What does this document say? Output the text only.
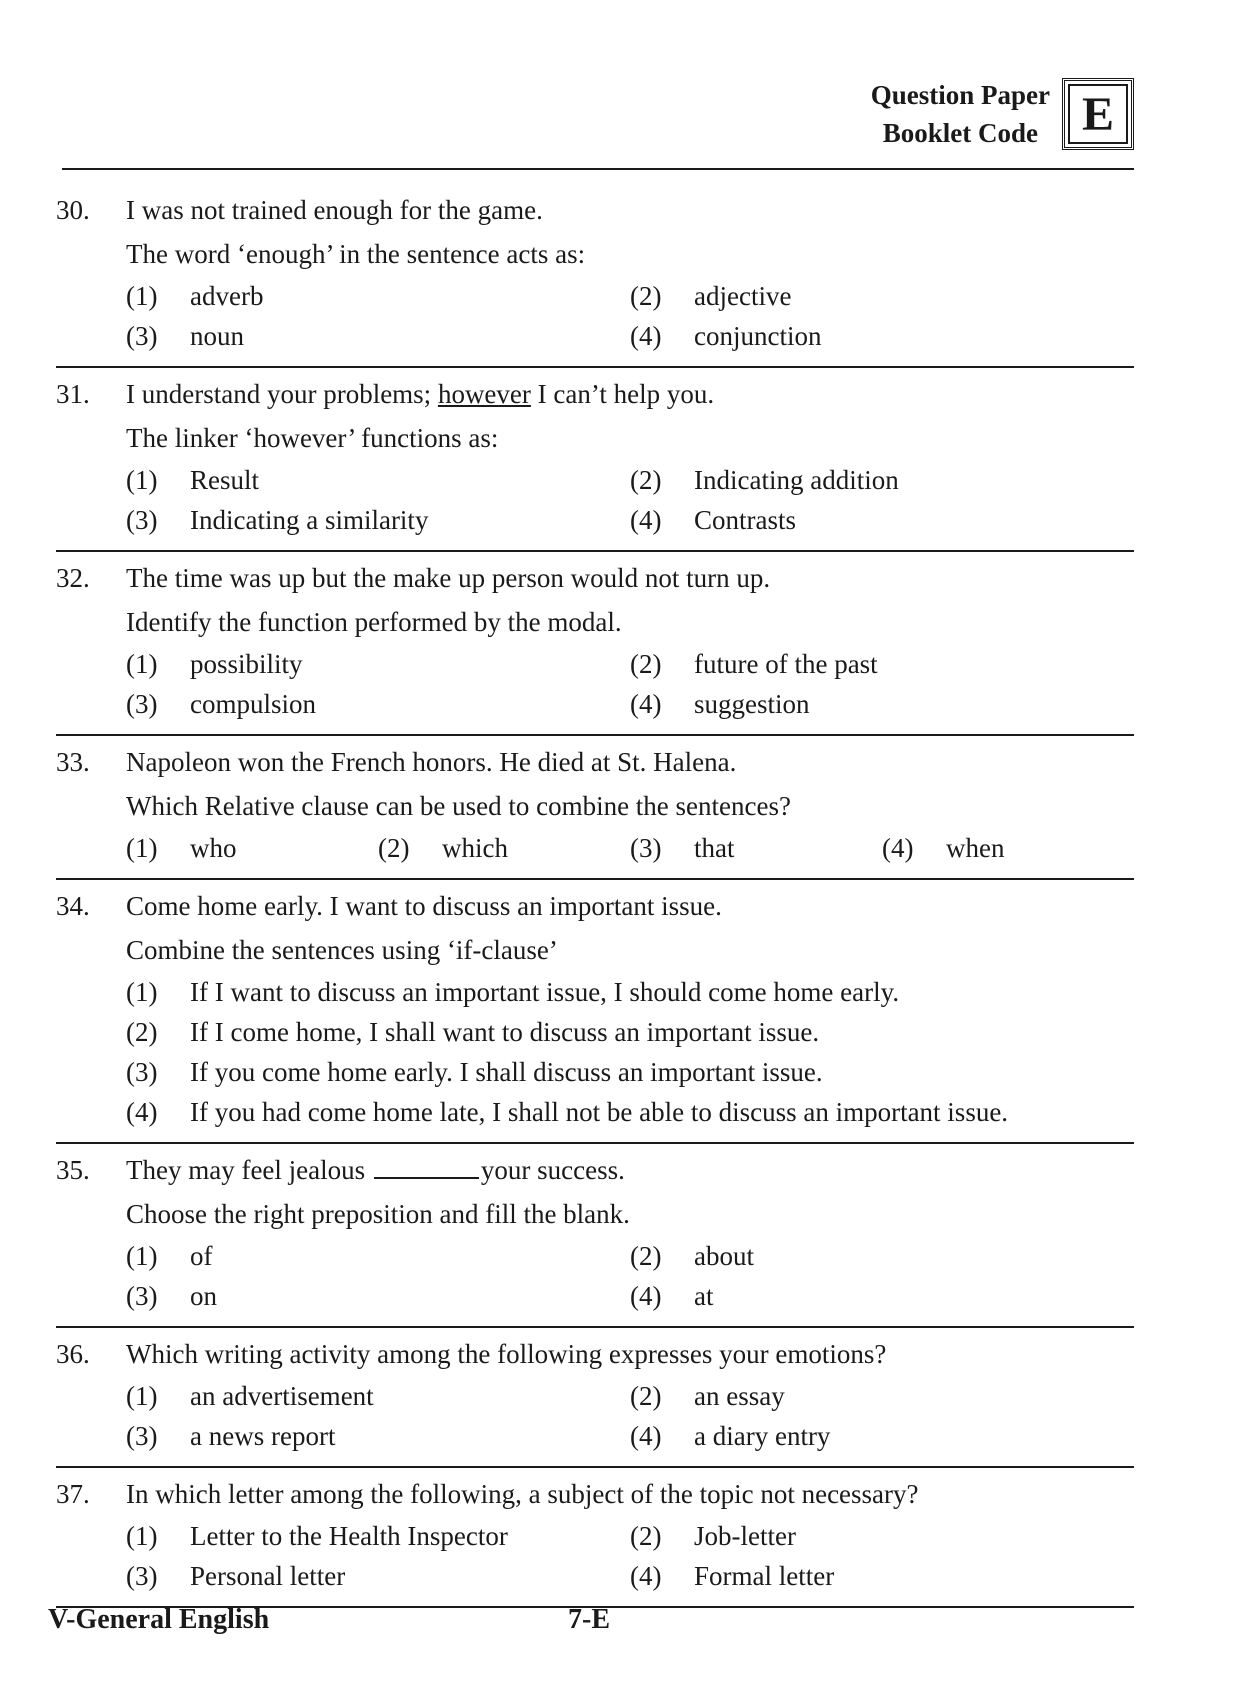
Question Paper
Booklet Code E
30.	I was not trained enough for the game.
The word ‘enough’ in the sentence acts as:
(1)	adverb	(2)	adjective
(3)	noun	(4)	conjunction
31.	I understand your problems; however I can’t help you.
The linker ‘however’ functions as:
(1)	Result	(2)	Indicating addition
(3)	Indicating a similarity	(4)	Contrasts
32.	The time was up but the make up person would not turn up.
Identify the function performed by the modal.
(1)	possibility	(2)	future of the past
(3)	compulsion	(4)	suggestion
33.	Napoleon won the French honors. He died at St. Halena.
Which Relative clause can be used to combine the sentences?
(1)	who	(2)	which	(3)	that	(4)	when
34.	Come home early. I want to discuss an important issue.
Combine the sentences using ‘if-clause’
(1)	If I want to discuss an important issue, I should come home early.
(2)	If I come home, I shall want to discuss an important issue.
(3)	If you come home early. I shall discuss an important issue.
(4)	If you had come home late, I shall not be able to discuss an important issue.
35.	They may feel jealous	your success.
Choose the right preposition and fill the blank.
(1)	of	(2)	about
(3)	on	(4)	at
36.	Which writing activity among the following expresses your emotions?
(1)	an advertisement	(2)	an essay
(3)	a news report	(4)	a diary entry
37.	In which letter among the following, a subject of the topic not necessary?
(1)	Letter to the Health Inspector	(2)	Job-letter
(3)	Personal letter	(4)	Formal letter
V-General English	7-E
